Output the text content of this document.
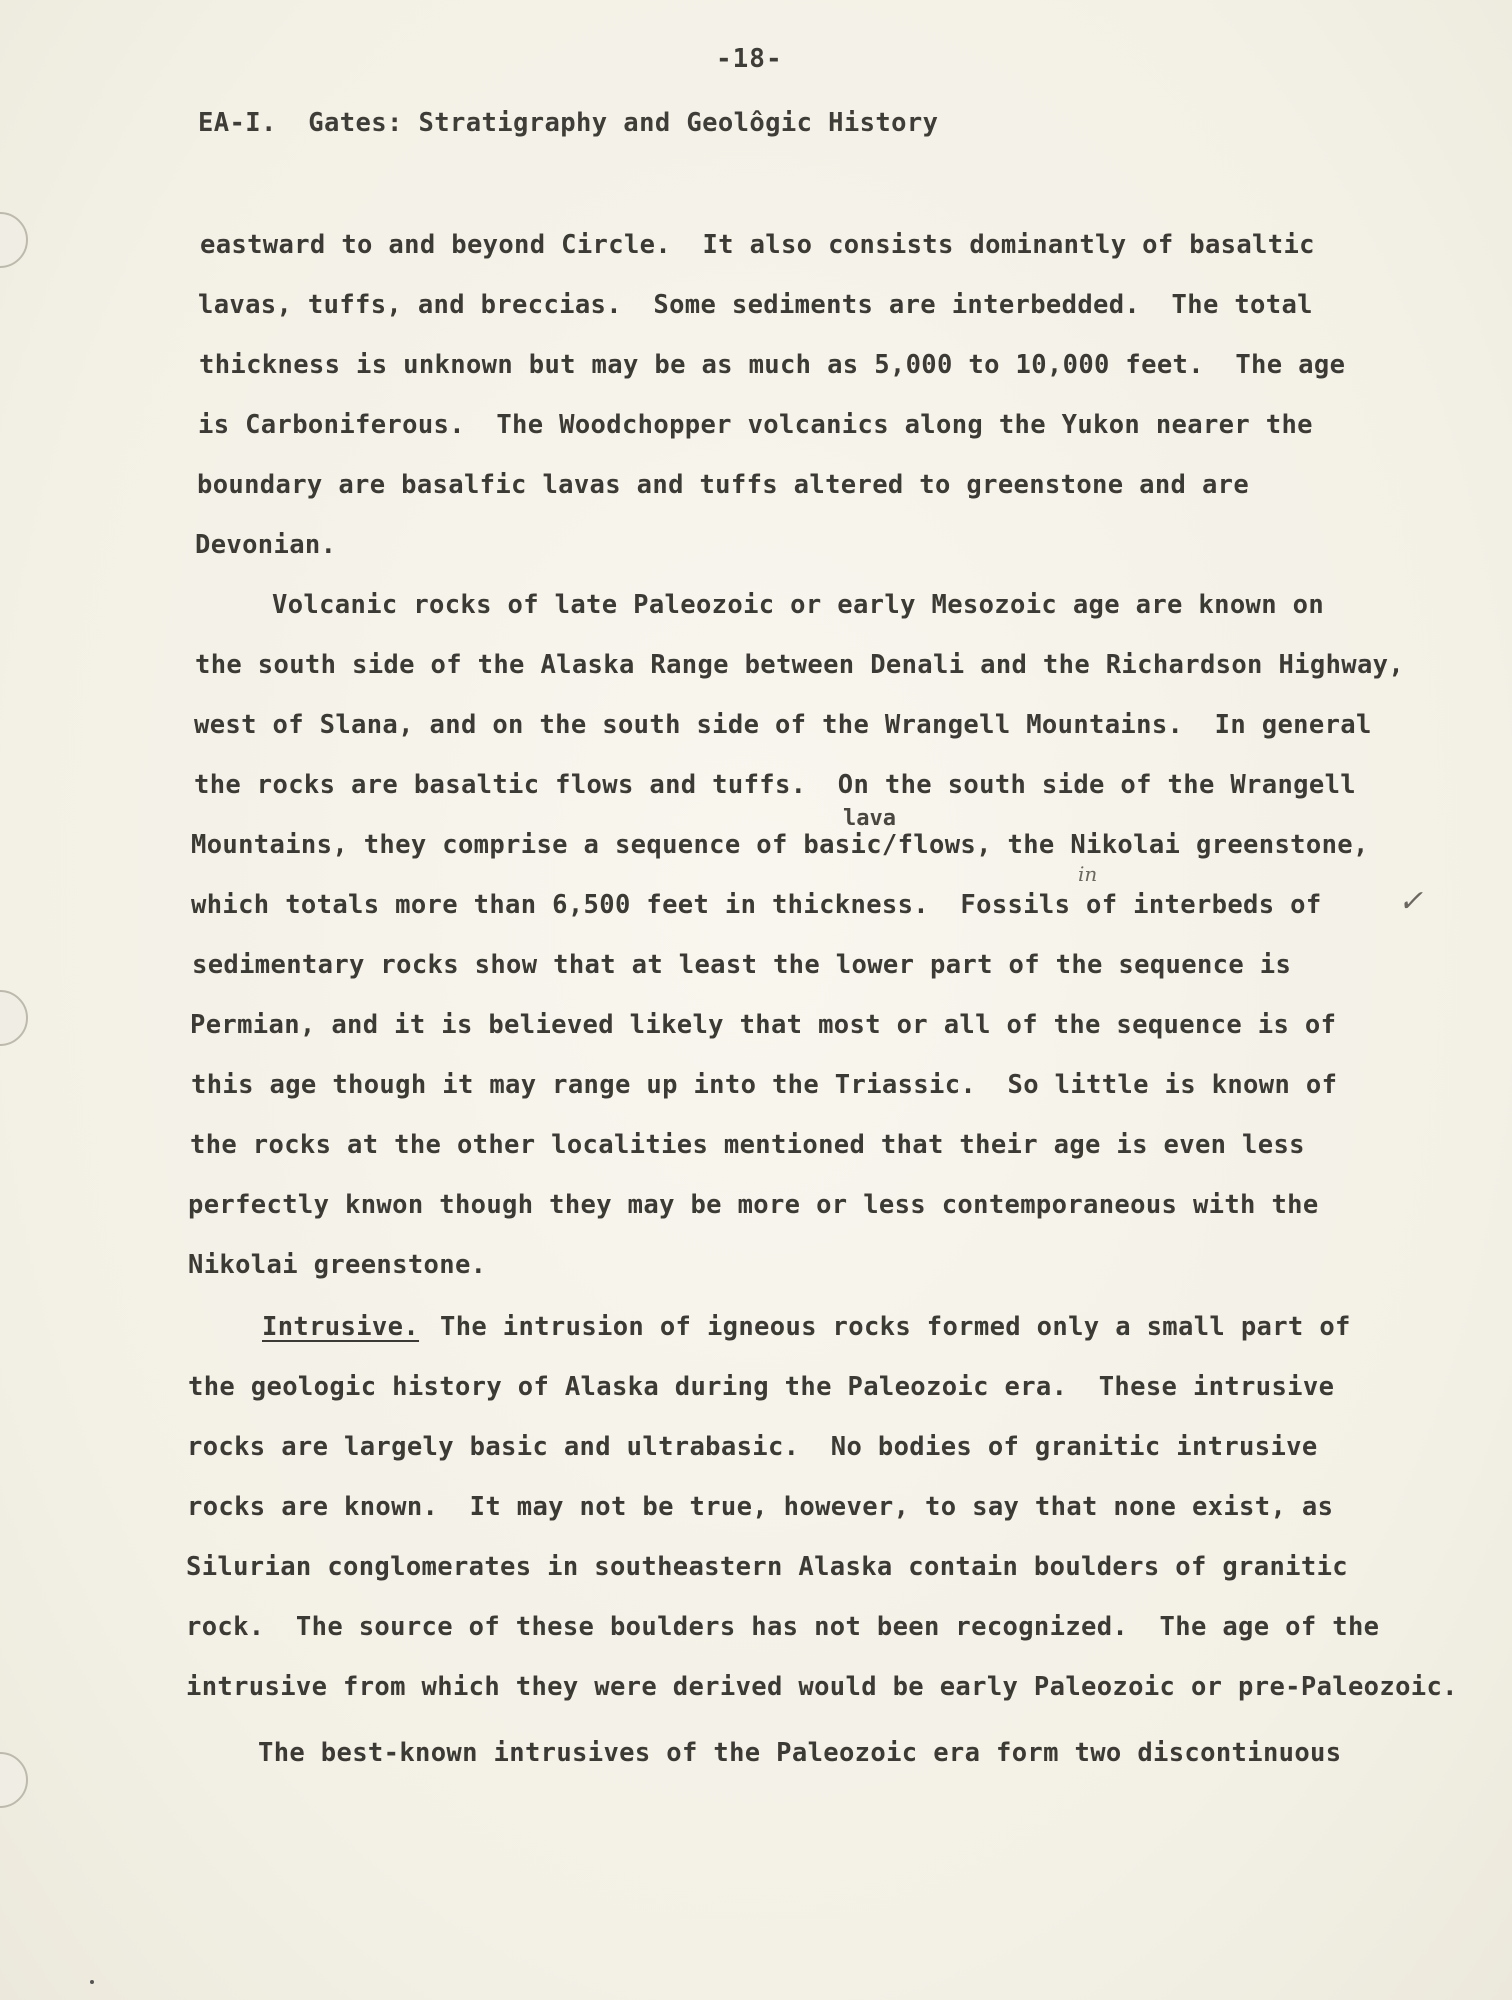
-18-
EA-I.  Gates: Stratigraphy and Geolôgic History
eastward to and beyond Circle.  It also consists dominantly of basaltic
lavas, tuffs, and breccias.  Some sediments are interbedded.  The total
thickness is unknown but may be as much as 5,000 to 10,000 feet.  The age
is Carboniferous.  The Woodchopper volcanics along the Yukon nearer the
boundary are basalfic lavas and tuffs altered to greenstone and are
Devonian.
Volcanic rocks of late Paleozoic or early Mesozoic age are known on
the south side of the Alaska Range between Denali and the Richardson Highway,
west of Slana, and on the south side of the Wrangell Mountains.  In general
the rocks are basaltic flows and tuffs.  On the south side of the Wrangell
lava
Mountains, they comprise a sequence of basic/flows, the Nikolai greenstone,
in
✓
which totals more than 6,500 feet in thickness.  Fossils of interbeds of
sedimentary rocks show that at least the lower part of the sequence is
Permian, and it is believed likely that most or all of the sequence is of
this age though it may range up into the Triassic.  So little is known of
the rocks at the other localities mentioned that their age is even less
perfectly knwon though they may be more or less contemporaneous with the
Nikolai greenstone.
Intrusive. The intrusion of igneous rocks formed only a small part of
the geologic history of Alaska during the Paleozoic era.  These intrusive
rocks are largely basic and ultrabasic.  No bodies of granitic intrusive
rocks are known.  It may not be true, however, to say that none exist, as
Silurian conglomerates in southeastern Alaska contain boulders of granitic
rock.  The source of these boulders has not been recognized.  The age of the
intrusive from which they were derived would be early Paleozoic or pre-Paleozoic.
The best-known intrusives of the Paleozoic era form two discontinuous
